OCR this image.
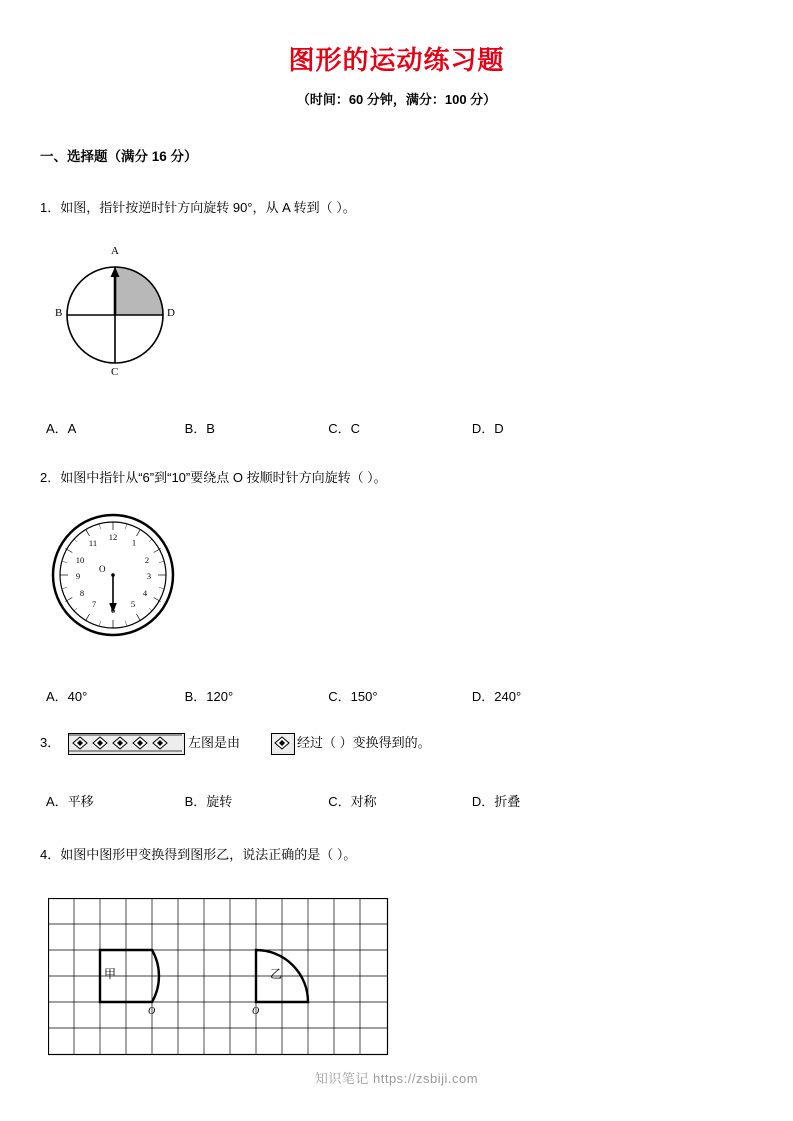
图形的运动练习题
（时间：60 分钟，满分：100 分）
一、选择题（满分 16 分）
1．如图，指针按逆时针方向旋转 90°，从 A 转到（ ）。
A
B	D
C
A．A	B．B	C．C	D．D
2．如图中指针从“6”到“10”要绕点 O 按顺时针方向旋转（ ）。
12
1
2
3
4
5
7
8
9
10
11
O
A．40°	B．120°	C．150°	D．240°
3．	左图是由	经过（ ）变换得到的。
A．平移	B．旋转	C．对称	D．折叠
4．如图中图形甲变换得到图形乙，说法正确的是（ ）。
甲	乙
O	O
知识笔记 https://zsbiji.com
